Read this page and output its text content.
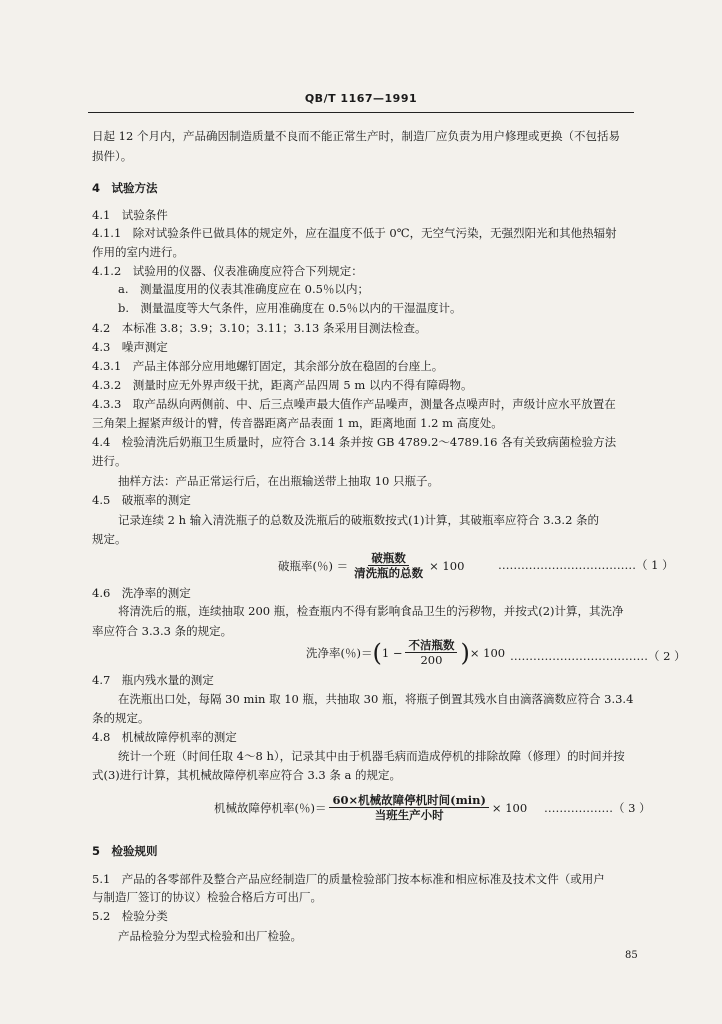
QB/T 1167—1991
日起 12 个月内，产品确因制造质量不良而不能正常生产时，制造厂应负责为用户修理或更换（不包括易
损件）。
4　试验方法
4.1　试验条件
4.1.1　除对试验条件已做具体的规定外，应在温度不低于 0℃，无空气污染，无强烈阳光和其他热辐射
作用的室内进行。
4.1.2　试验用的仪器、仪表准确度应符合下列规定：
a.　测量温度用的仪表其准确度应在 0.5％以内；
b.　测量温度等大气条件，应用准确度在 0.5％以内的干湿温度计。
4.2　本标准 3.8；3.9；3.10；3.11；3.13 条采用目测法检查。
4.3　噪声测定
4.3.1　产品主体部分应用地螺钉固定，其余部分放在稳固的台座上。
4.3.2　测量时应无外界声级干扰，距离产品四周 5 m 以内不得有障碍物。
4.3.3　取产品纵向两侧前、中、后三点噪声最大值作产品噪声，测量各点噪声时，声级计应水平放置在
三角架上握紧声级计的臂，传音器距离产品表面 1 m，距离地面 1.2 m 高度处。
4.4　检验清洗后奶瓶卫生质量时，应符合 3.14 条并按 GB 4789.2～4789.16 各有关致病菌检验方法
进行。
抽样方法：产品正常运行后，在出瓶输送带上抽取 10 只瓶子。
4.5　破瓶率的测定
记录连续 2 h 输入清洗瓶子的总数及洗瓶后的破瓶数按式(1)计算，其破瓶率应符合 3.3.2 条的
规定。
破瓶率(％) ＝ $\frac{\text{破瓶数}}{\text{清洗瓶的总数}} \times 100$	………………………………（ 1 ）
4.6　洗净率的测定
将清洗后的瓶，连续抽取 200 瓶，检查瓶内不得有影响食品卫生的污秽物，并按式(2)计算，其洗净
率应符合 3.3.3 条的规定。
洗净率(％)＝ ( $1 - \frac{\text{不洁瓶数}}{200}$ ) × 100 ………………………………（ 2 ）
4.7　瓶内残水量的测定
在洗瓶出口处，每隔 30 min 取 10 瓶，共抽取 30 瓶，将瓶子倒置其残水自由滴落滴数应符合 3.3.4
条的规定。
4.8　机械故障停机率的测定
统计一个班（时间任取 4～8 h），记录其中由于机器毛病而造成停机的排除故障（修理）的时间并按
式(3)进行计算，其机械故障停机率应符合 3.3 条 a 的规定。
机械故障停机率(％)＝ $\frac{\text{60×机械故障停机时间(min)}}{\text{当班生产小时}} \times 100$ ………………（ 3 ）
5　检验规则
5.1　产品的各零部件及整合产品应经制造厂的质量检验部门按本标准和相应标准及技术文件（或用户
与制造厂签订的协议）检验合格后方可出厂。
5.2　检验分类
产品检验分为型式检验和出厂检验。
85
